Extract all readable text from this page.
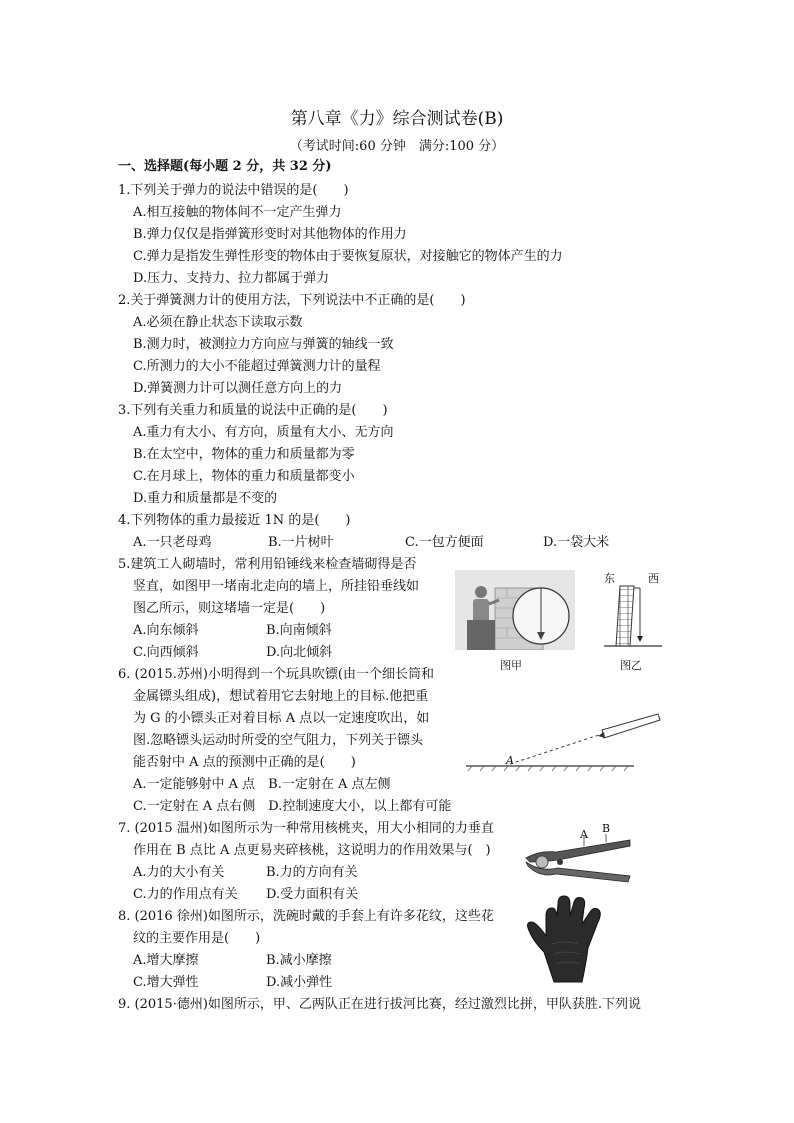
第八章《力》综合测试卷(B)
（考试时间:60 分钟　满分:100 分）
一、选择题(每小题 2 分，共 32 分)
1.下列关于弹力的说法中错误的是(　　)
A.相互接触的物体间不一定产生弹力
B.弹力仅仅是指弹簧形变时对其他物体的作用力
C.弹力是指发生弹性形变的物体由于要恢复原状，对接触它的物体产生的力
D.压力、支持力、拉力都属于弹力
2.关于弹簧测力计的使用方法，下列说法中不正确的是(　　)
A.必须在静止状态下读取示数
B.测力时，被测拉力方向应与弹簧的轴线一致
C.所测力的大小不能超过弹簧测力计的量程
D.弹簧测力计可以测任意方向上的力
3.下列有关重力和质量的说法中正确的是(　　)
A.重力有大小、有方向，质量有大小、无方向
B.在太空中，物体的重力和质量都为零
C.在月球上，物体的重力和质量都变小
D.重力和质量都是不变的
4.下列物体的重力最接近 1N 的是(　　)
A.一只老母鸡	B.一片树叶	C.一包方便面	D.一袋大米
5.建筑工人砌墙时，常利用铅锤线来检查墙砌得是否
竖直，如图甲一堵南北走向的墙上，所挂铅垂线如
图乙所示，则这堵墙一定是(　　)
A.向东倾斜	B.向南倾斜
C.向西倾斜	D.向北倾斜
图甲
东	西
图乙
6. (2015.苏州)小明得到一个玩具吹镖(由一个细长筒和
金属镖头组成)，想试着用它去射地上的目标.他把重
为 G 的小镖头正对着目标 A 点以一定速度吹出，如
图.忽略镖头运动时所受的空气阻力，下列关于镖头
能否射中 A 点的预测中正确的是(　　)
A.一定能够射中 A 点　B.一定射在 A 点左侧
C.一定射在 A 点右侧　D.控制速度大小，以上都有可能
A
7. (2015 温州)如图所示为一种常用核桃夹，用大小相同的力垂直
作用在 B 点比 A 点更易夹碎核桃，这说明力的作用效果与(　)
A.力的大小有关	B.力的方向有关
C.力的作用点有关 D.受力面积有关
A B
8. (2016 徐州)如图所示，洗碗时戴的手套上有许多花纹，这些花
纹的主要作用是(　　)
A.增大摩擦	B.减小摩擦
C.增大弹性	D.减小弹性
9. (2015·德州)如图所示，甲、乙两队正在进行拔河比赛，经过激烈比拼，甲队获胜.下列说
